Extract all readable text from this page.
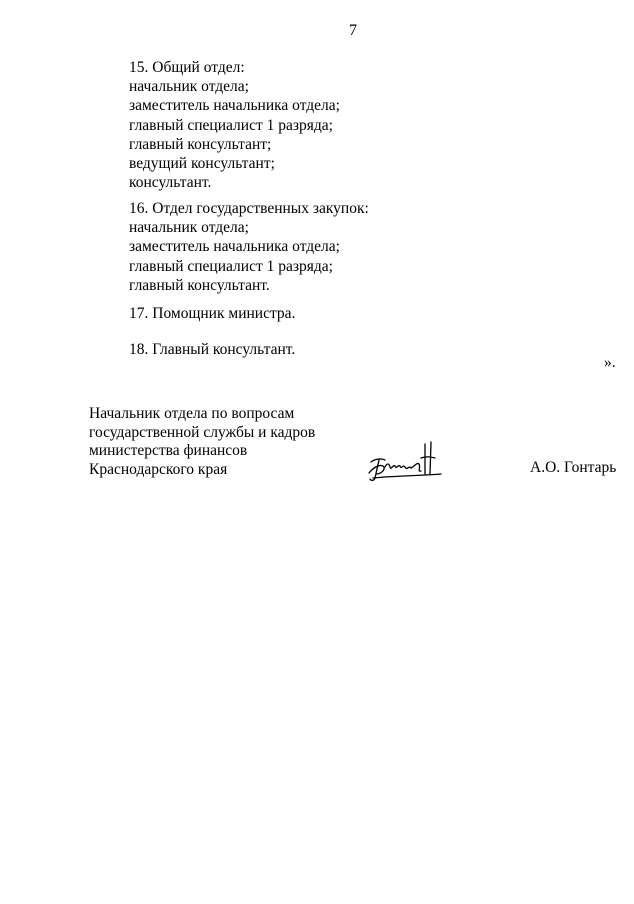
7
15. Общий отдел:
начальник отдела;
заместитель начальника отдела;
главный специалист 1 разряда;
главный консультант;
ведущий консультант;
консультант.
16. Отдел государственных закупок:
начальник отдела;
заместитель начальника отдела;
главный специалист 1 разряда;
главный консультант.
17. Помощник министра.
18. Главный консультант.
».
Начальник отдела по вопросам
государственной службы и кадров
министерства финансов
Краснодарского края	А.О. Гонтарь
